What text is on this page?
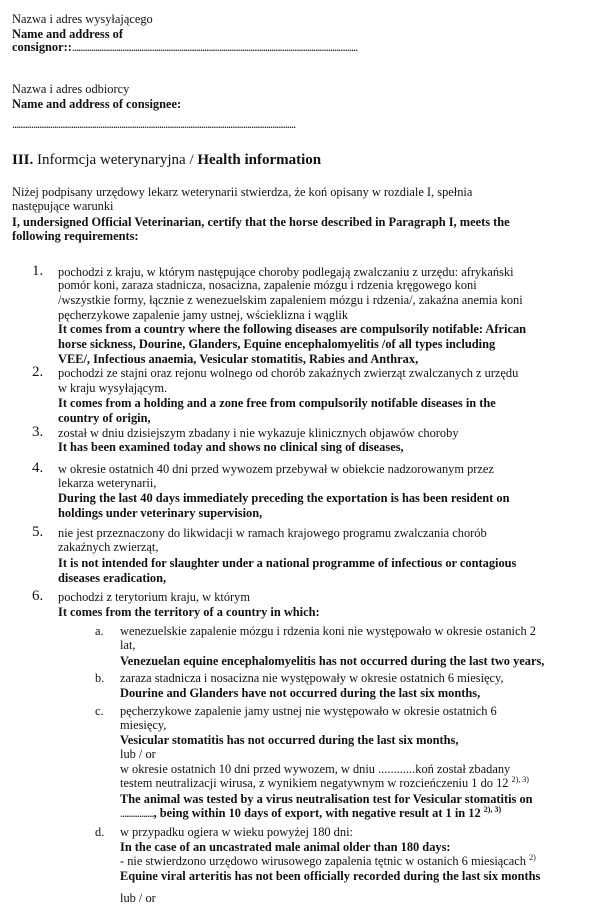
Nazwa i adres wysyłającego
Name and address of
consignor::........................................................................................................................................
Nazwa i adres odbiorcy
Name and address of consignee:
.......................................................................................................................................
III. Informcja weterynaryjna / Health information
Niżej podpisany urzędowy lekarz weterynarii stwierdza, że koń opisany w rozdiale I, spełnia
następujące warunki
I, undersigned Official Veterinarian, certify that the horse described in Paragraph I, meets the
following requirements:
1. pochodzi z kraju, w którym następujące choroby podlegają zwalczaniu z urzędu: afrykański
pomór koni, zaraza stadnicza, nosacizna, zapalenie mózgu i rdzenia kręgowego koni
/wszystkie formy, łącznie z wenezuelskim zapaleniem mózgu i rdzenia/, zakaźna anemia koni
pęcherzykowe zapalenie jamy ustnej, wścieklizna i wąglik
It comes from a country where the following diseases are compulsorily notifable: African
horse sickness, Dourine, Glanders, Equine encephalomyelitis /of all types including
VEE/, Infectious anaemia, Vesicular stomatitis, Rabies and Anthrax,
2. pochodzi ze stajni oraz rejonu wolnego od chorób zakaźnych zwierząt zwalczanych z urzędu
w kraju wysyłającym.
It comes from a holding and a zone free from compulsorily notifable diseases in the
country of origin,
3. został w dniu dzisiejszym zbadany i nie wykazuje klinicznych objawów choroby
It has been examined today and shows no clinical sing of diseases,
4. w okresie ostatnich 40 dni przed wywozem przebywał w obiekcie nadzorowanym przez
lekarza weterynarii,
During the last 40 days immediately preceding the exportation is has been resident on
holdings under veterinary supervision,
5. nie jest przeznaczony do likwidacji w ramach krajowego programu zwalczania chorób
zakaźnych zwierząt,
It is not intended for slaughter under a national programme of infectious or contagious
diseases eradication,
6. pochodzi z terytorium kraju, w którym
It comes from the territory of a country in which:
a. wenezuelskie zapalenie mózgu i rdzenia koni nie występowało w okresie ostanich 2
lat,
Venezuelan equine encephalomyelitis has not occurred during the last two years,
b. zaraza stadnicza i nosacizna nie występowały w okresie ostatnich 6 miesięcy,
Dourine and Glanders have not occurred during the last six months,
c. pęcherzykowe zapalenie jamy ustnej nie występowało w okresie ostatnich 6
miesięcy,
Vesicular stomatitis has not occurred during the last six months,
lub / or
w okresie ostatnich 10 dni przed wywozem, w dniu ............koń został zbadany
testem neutralizacji wirusa, z wynikiem negatywnym w rozcieńczeniu 1 do 12 $^{2), 3)}$
The animal was tested by a virus neutralisation test for Vesicular stomatitis on
................, being within 10 days of export, with negative result at 1 in 12 $^{2), 3)}$
d. w przypadku ogiera w wieku powyżej 180 dni:
In the case of an uncastrated male animal older than 180 days:
- nie stwierdzono urzędowo wirusowego zapalenia tętnic w ostanich 6 miesiącach $^{2)}$
Equine viral arteritis has not been officially recorded during the last six months
lub / or
